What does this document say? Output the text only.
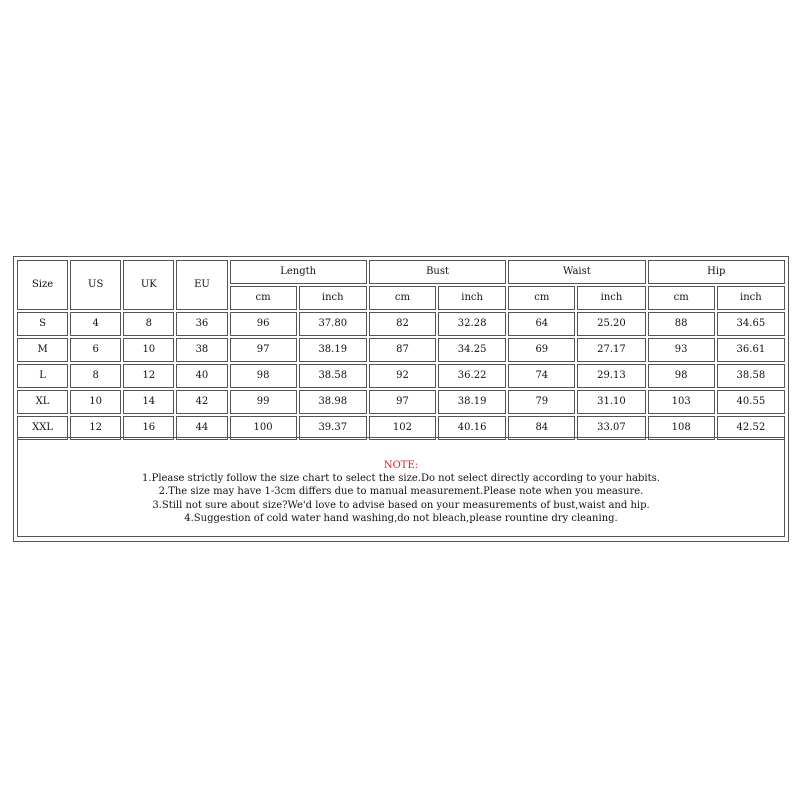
Size	US	UK	EU	Length		Bust		Waist		Hip	
				cm	inch	cm	inch	cm	inch	cm	inch
S	4	8	36	96	37.80	82	32.28	64	25.20	88	34.65
M	6	10	38	97	38.19	87	34.25	69	27.17	93	36.61
L	8	12	40	98	38.58	92	36.22	74	29.13	98	38.58
XL	10	14	42	99	38.98	97	38.19	79	31.10	103	40.55
XXL	12	16	44	100	39.37	102	40.16	84	33.07	108	42.52
NOTE:
1.Please strictly follow the size chart to select the size.Do not select directly according to your habits.
2.The size may have 1-3cm differs due to manual measurement.Please note when you measure.
3.Still not sure about size?We'd love to advise based on your measurements of bust,waist and hip.
4.Suggestion of cold water hand washing,do not bleach,please rountine dry cleaning.
